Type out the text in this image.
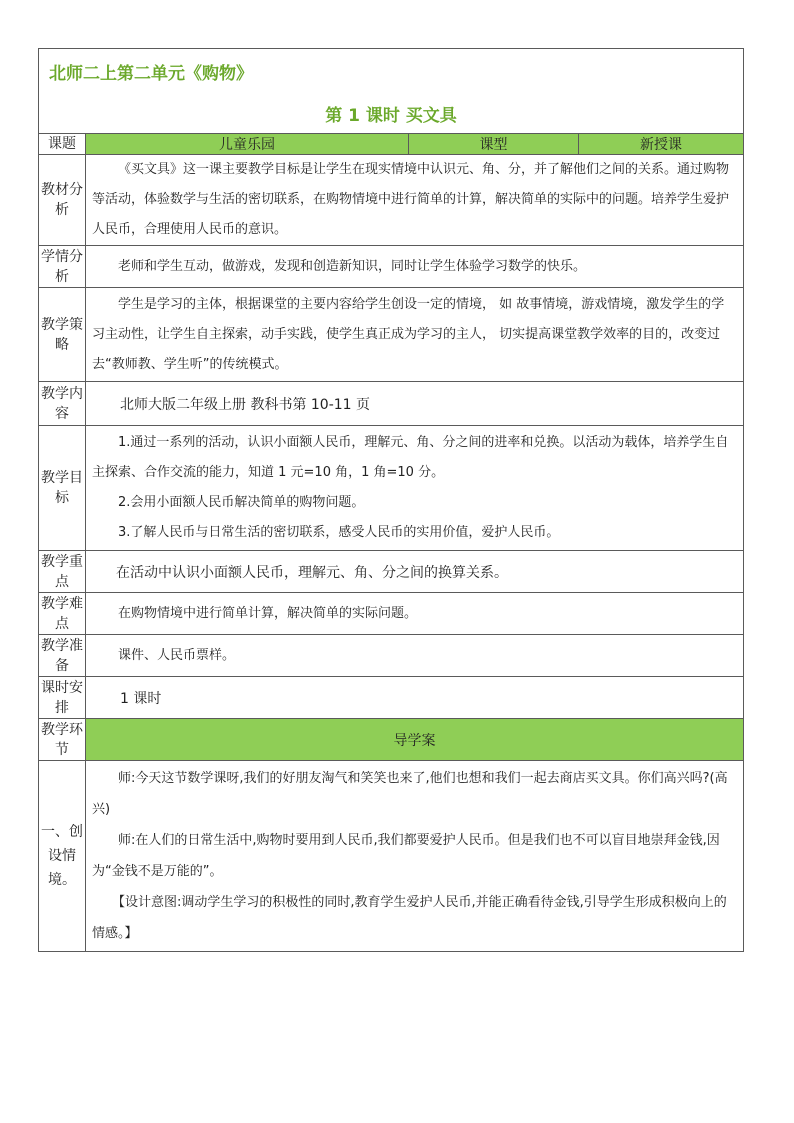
北师二上第二单元《购物》
第 1 课时 买文具			

课题	儿童乐园	课型	新授课
教材分析	《买文具》这一课主要教学目标是让学生在现实情境中认识元、角、分，并了解他们之间的关系。通过购物等活动，体验数学与生活的密切联系，在购物情境中进行简单的计算，解决简单的实际中的问题。培养学生爱护人民币，合理使用人民币的意识。		
学情分析	老师和学生互动，做游戏，发现和创造新知识，同时让学生体验学习数学的快乐。		
教学策略	学生是学习的主体，根据课堂的主要内容给学生创设一定的情境， 如 故事情境，游戏情境，激发学生的学习主动性，让学生自主探索，动手实践，使学生真正成为学习的主人， 切实提高课堂教学效率的目的，改变过去“教师教、学生听”的传统模式。		
教学内容	北师大版二年级上册 教科书第 10-11 页		
教学目标	1.通过一系列的活动，认识小面额人民币，理解元、角、分之间的进率和兑换。以活动为载体，培养学生自主探索、合作交流的能力，知道 1 元=10 角，1 角=10 分。

2.会用小面额人民币解决简单的购物问题。

3.了解人民币与日常生活的密切联系，感受人民币的实用价值，爱护人民币。		

教学重点	在活动中认识小面额人民币，理解元、角、分之间的换算关系。		
教学难点	在购物情境中进行简单计算，解决简单的实际问题。		
教学准备	课件、人民币票样。		
课时安排	1 课时		
教学环节	导学案		
一、创设情境。	师:今天这节数学课呀,我们的好朋友淘气和笑笑也来了,他们也想和我们一起去商店买文具。你们高兴吗?(高兴)

师:在人们的日常生活中,购物时要用到人民币,我们都要爱护人民币。但是我们也不可以盲目地崇拜金钱,因为“金钱不是万能的”。

【设计意图:调动学生学习的积极性的同时,教育学生爱护人民币,并能正确看待金钱,引导学生形成积极向上的情感。】		
